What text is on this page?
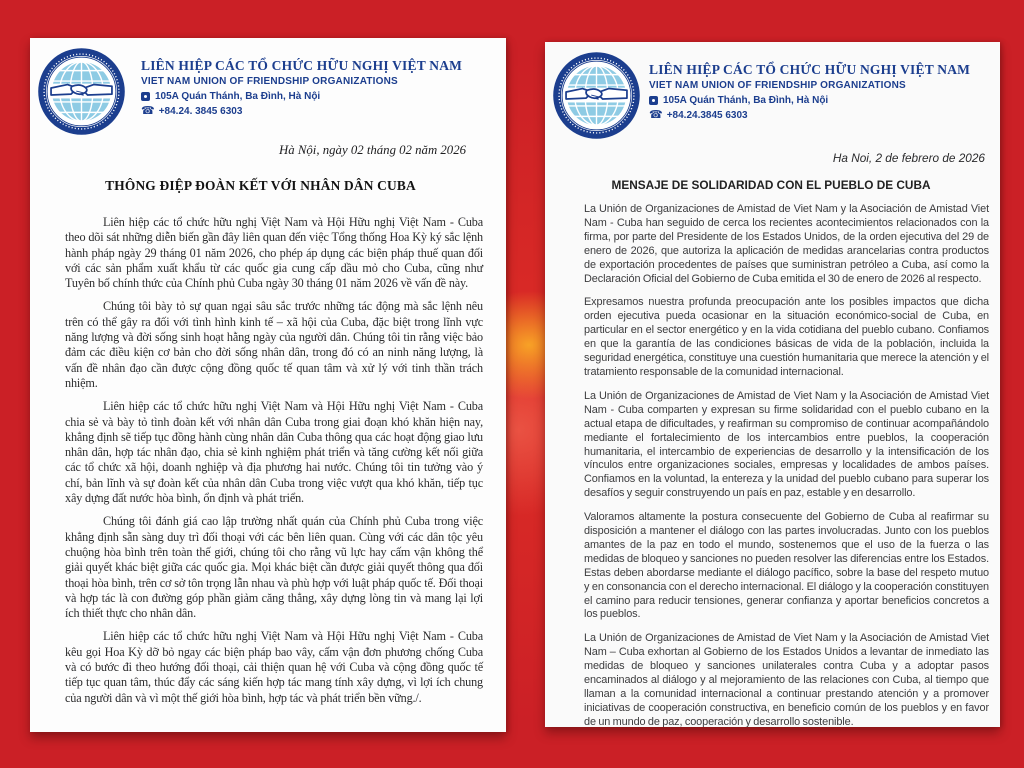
LIÊN HIỆP CÁC TỔ CHỨC HỮU NGHỊ VIỆT NAM
VIET NAM UNION OF FRIENDSHIP ORGANIZATIONS
105A Quán Thánh, Ba Đình, Hà Nội
☎ +84.24. 3845 6303
Hà Nội, ngày 02 tháng 02 năm 2026
THÔNG ĐIỆP ĐOÀN KẾT VỚI NHÂN DÂN CUBA

Liên hiệp các tổ chức hữu nghị Việt Nam và Hội Hữu nghị Việt Nam - Cuba theo dõi sát những diễn biến gần đây liên quan đến việc Tổng thống Hoa Kỳ ký sắc lệnh hành pháp ngày 29 tháng 01 năm 2026, cho phép áp dụng các biện pháp thuế quan đối với các sản phẩm xuất khẩu từ các quốc gia cung cấp dầu mỏ cho Cuba, cũng như Tuyên bố chính thức của Chính phủ Cuba ngày 30 tháng 01 năm 2026 về vấn đề này.

Chúng tôi bày tỏ sự quan ngại sâu sắc trước những tác động mà sắc lệnh nêu trên có thể gây ra đối với tình hình kinh tế – xã hội của Cuba, đặc biệt trong lĩnh vực năng lượng và đời sống sinh hoạt hằng ngày của người dân. Chúng tôi tin rằng việc bảo đảm các điều kiện cơ bản cho đời sống nhân dân, trong đó có an ninh năng lượng, là vấn đề nhân đạo cần được cộng đồng quốc tế quan tâm và xử lý với tinh thần trách nhiệm.

Liên hiệp các tổ chức hữu nghị Việt Nam và Hội Hữu nghị Việt Nam - Cuba chia sẻ và bày tỏ tình đoàn kết với nhân dân Cuba trong giai đoạn khó khăn hiện nay, khẳng định sẽ tiếp tục đồng hành cùng nhân dân Cuba thông qua các hoạt động giao lưu nhân dân, hợp tác nhân đạo, chia sẻ kinh nghiệm phát triển và tăng cường kết nối giữa các tổ chức xã hội, doanh nghiệp và địa phương hai nước. Chúng tôi tin tưởng vào ý chí, bản lĩnh và sự đoàn kết của nhân dân Cuba trong việc vượt qua khó khăn, tiếp tục xây dựng đất nước hòa bình, ổn định và phát triển.

Chúng tôi đánh giá cao lập trường nhất quán của Chính phủ Cuba trong việc khẳng định sẵn sàng duy trì đối thoại với các bên liên quan. Cùng với các dân tộc yêu chuộng hòa bình trên toàn thế giới, chúng tôi cho rằng vũ lực hay cấm vận không thể giải quyết khác biệt giữa các quốc gia. Mọi khác biệt cần được giải quyết thông qua đối thoại hòa bình, trên cơ sở tôn trọng lẫn nhau và phù hợp với luật pháp quốc tế. Đối thoại và hợp tác là con đường góp phần giảm căng thẳng, xây dựng lòng tin và mang lại lợi ích thiết thực cho nhân dân.

Liên hiệp các tổ chức hữu nghị Việt Nam và Hội Hữu nghị Việt Nam - Cuba kêu gọi Hoa Kỳ dỡ bỏ ngay các biện pháp bao vây, cấm vận đơn phương chống Cuba và có bước đi theo hướng đối thoại, cải thiện quan hệ với Cuba và cộng đồng quốc tế tiếp tục quan tâm, thúc đẩy các sáng kiến hợp tác mang tính xây dựng, vì lợi ích chung của người dân và vì một thế giới hòa bình, hợp tác và phát triển bền vững./.

LIÊN HIỆP CÁC TỔ CHỨC HỮU NGHỊ VIỆT NAM
VIET NAM UNION OF FRIENDSHIP ORGANIZATIONS
105A Quán Thánh, Ba Đình, Hà Nội
☎ +84.24.3845 6303
Ha Noi, 2 de febrero de 2026
MENSAJE DE SOLIDARIDAD CON EL PUEBLO DE CUBA

La Unión de Organizaciones de Amistad de Viet Nam y la Asociación de Amistad Viet Nam - Cuba han seguido de cerca los recientes acontecimientos relacionados con la firma, por parte del Presidente de los Estados Unidos, de la orden ejecutiva del 29 de enero de 2026, que autoriza la aplicación de medidas arancelarias contra productos de exportación procedentes de países que suministran petróleo a Cuba, así como la Declaración Oficial del Gobierno de Cuba emitida el 30 de enero de 2026 al respecto.

Expresamos nuestra profunda preocupación ante los posibles impactos que dicha orden ejecutiva pueda ocasionar en la situación económico-social de Cuba, en particular en el sector energético y en la vida cotidiana del pueblo cubano. Confiamos en que la garantía de las condiciones básicas de vida de la población, incluida la seguridad energética, constituye una cuestión humanitaria que merece la atención y el tratamiento responsable de la comunidad internacional.

La Unión de Organizaciones de Amistad de Viet Nam y la Asociación de Amistad Viet Nam - Cuba comparten y expresan su firme solidaridad con el pueblo cubano en la actual etapa de dificultades, y reafirman su compromiso de continuar acompañándolo mediante el fortalecimiento de los intercambios entre pueblos, la cooperación humanitaria, el intercambio de experiencias de desarrollo y la intensificación de los vínculos entre organizaciones sociales, empresas y localidades de ambos países. Confiamos en la voluntad, la entereza y la unidad del pueblo cubano para superar los desafíos y seguir construyendo un país en paz, estable y en desarrollo.

Valoramos altamente la postura consecuente del Gobierno de Cuba al reafirmar su disposición a mantener el diálogo con las partes involucradas. Junto con los pueblos amantes de la paz en todo el mundo, sostenemos que el uso de la fuerza o las medidas de bloqueo y sanciones no pueden resolver las diferencias entre los Estados. Estas deben abordarse mediante el diálogo pacífico, sobre la base del respeto mutuo y en consonancia con el derecho internacional. El diálogo y la cooperación constituyen el camino para reducir tensiones, generar confianza y aportar beneficios concretos a los pueblos.

La Unión de Organizaciones de Amistad de Viet Nam y la Asociación de Amistad Viet Nam – Cuba exhortan al Gobierno de los Estados Unidos a levantar de inmediato las medidas de bloqueo y sanciones unilaterales contra Cuba y a adoptar pasos encaminados al diálogo y al mejoramiento de las relaciones con Cuba, al tiempo que llaman a la comunidad internacional a continuar prestando atención y a promover iniciativas de cooperación constructiva, en beneficio común de los pueblos y en favor de un mundo de paz, cooperación y desarrollo sostenible.
